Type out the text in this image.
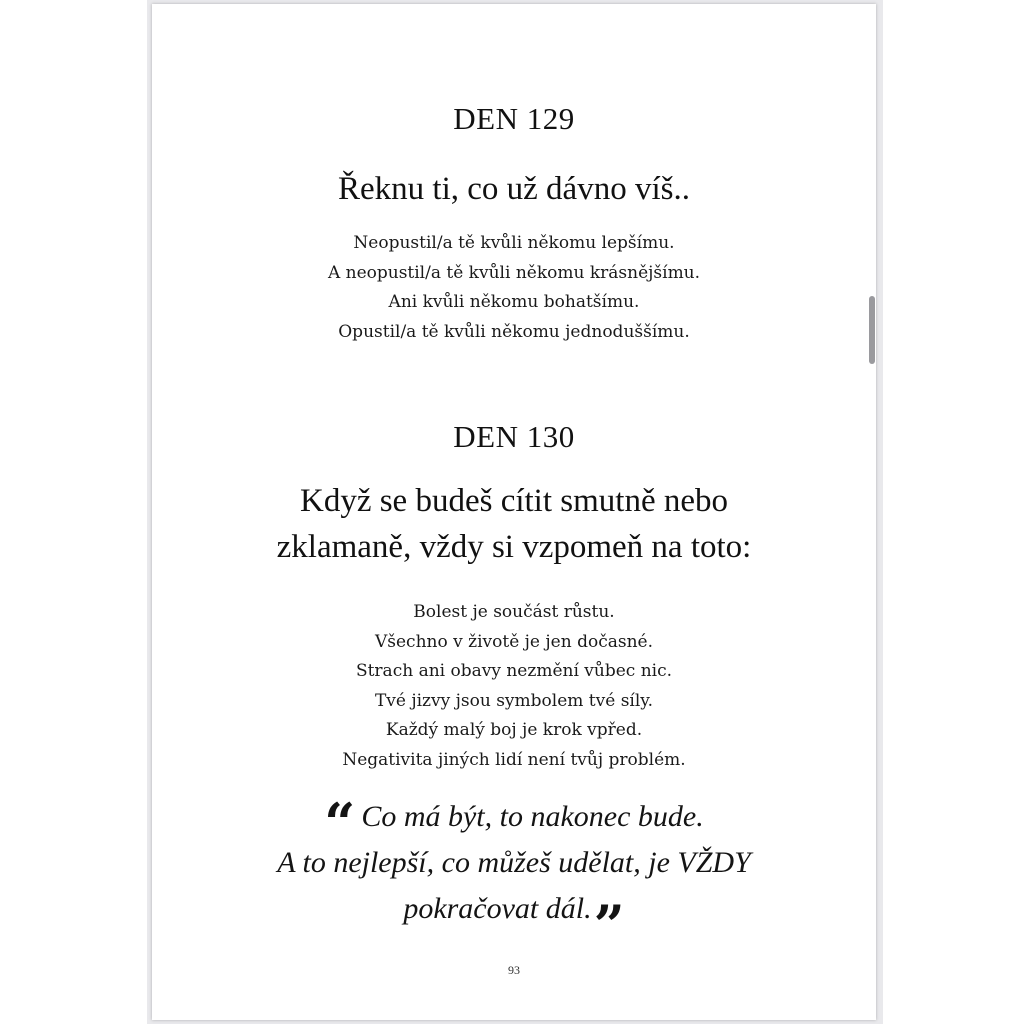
DEN 129
Řeknu ti, co už dávno víš..
Neopustil/a tě kvůli někomu lepšímu.
A neopustil/a tě kvůli někomu krásnějšímu.
Ani kvůli někomu bohatšímu.
Opustil/a tě kvůli někomu jednoduššímu.
DEN 130
Když se budeš cítit smutně nebo
zklamaně, vždy si vzpomeň na toto:
Bolest je součást růstu.
Všechno v životě je jen dočasné.
Strach ani obavy nezmění vůbec nic.
Tvé jizvy jsou symbolem tvé síly.
Každý malý boj je krok vpřed.
Negativita jiných lidí není tvůj problém.
“ Co má být, to nakonec bude.
A to nejlepší, co můžeš udělat, je VŽDY
pokračovat dál.”
93
